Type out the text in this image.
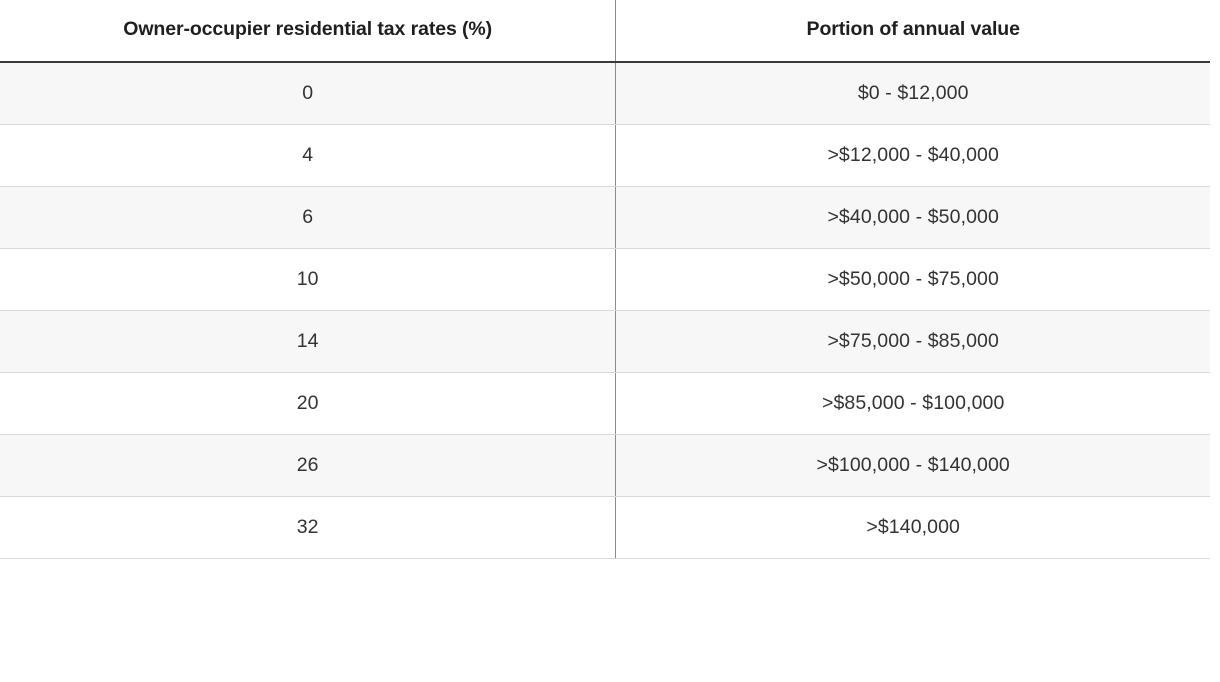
Owner-occupier residential tax rates (%)	Portion of annual value
0	$0 - $12,000
4	>$12,000 - $40,000
6	>$40,000 - $50,000
10	>$50,000 - $75,000
14	>$75,000 - $85,000
20	>$85,000 - $100,000
26	>$100,000 - $140,000
32	>$140,000
